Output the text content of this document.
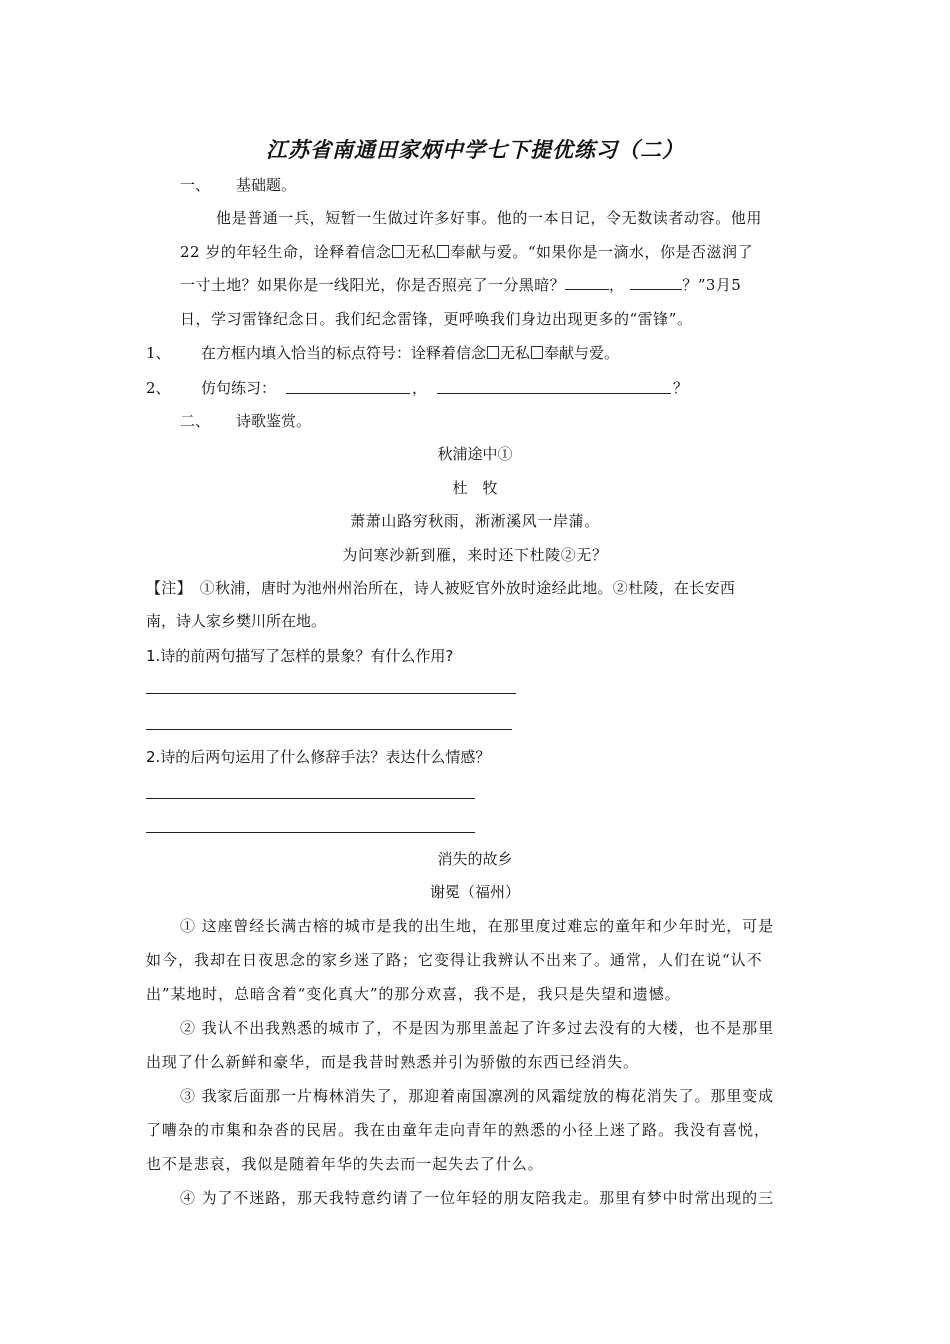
江苏省南通田家炳中学七下提优练习（二）
一、 基础题。
他是普通一兵，短暂一生做过许多好事。他的一本日记，令无数读者动容。他用
22 岁的年轻生命，诠释着信念 无私 奉献与爱。“如果你是一滴水，你是否滋润了
一寸土地？如果你是一线阳光，你是否照亮了一分黑暗？	，	？”3月5
日，学习雷锋纪念日。我们纪念雷锋，更呼唤我们身边出现更多的“雷锋”。
1、 在方框内填入恰当的标点符号：诠释着信念 无私 奉献与爱。
2、 仿句练习：	，	？
二、 诗歌鉴赏。
秋浦途中①
杜　牧
萧萧山路穷秋雨，淅淅溪风一岸蒲。
为问寒沙新到雁，来时还下杜陵②无？
【注】　①秋浦，唐时为池州州治所在，诗人被贬官外放时途经此地。②杜陵，在长安西
南，诗人家乡樊川所在地。
1.诗的前两句描写了怎样的景象？有什么作用?
2.诗的后两句运用了什么修辞手法？表达什么情感？
消失的故乡
谢冕（福州）
① 这座曾经长满古榕的城市是我的出生地，在那里度过难忘的童年和少年时光，可是
如今，我却在日夜思念的家乡迷了路；它变得让我辨认不出来了。通常，人们在说“认不
出”某地时，总暗含着“变化真大”的那分欢喜，我不是，我只是失望和遗憾。
② 我认不出我熟悉的城市了，不是因为那里盖起了许多过去没有的大楼，也不是那里
出现了什么新鲜和豪华，而是我昔时熟悉并引为骄傲的东西已经消失。
③ 我家后面那一片梅林消失了，那迎着南国凛冽的风霜绽放的梅花消失了。那里变成
了嘈杂的市集和杂沓的民居。我在由童年走向青年的熟悉的小径上迷了路。我没有喜悦，
也不是悲哀，我似是随着年华的失去而一起失去了什么。
④ 为了不迷路，那天我特意约请了一位年轻的朋友陪我走。那里有梦中时常出现的三
